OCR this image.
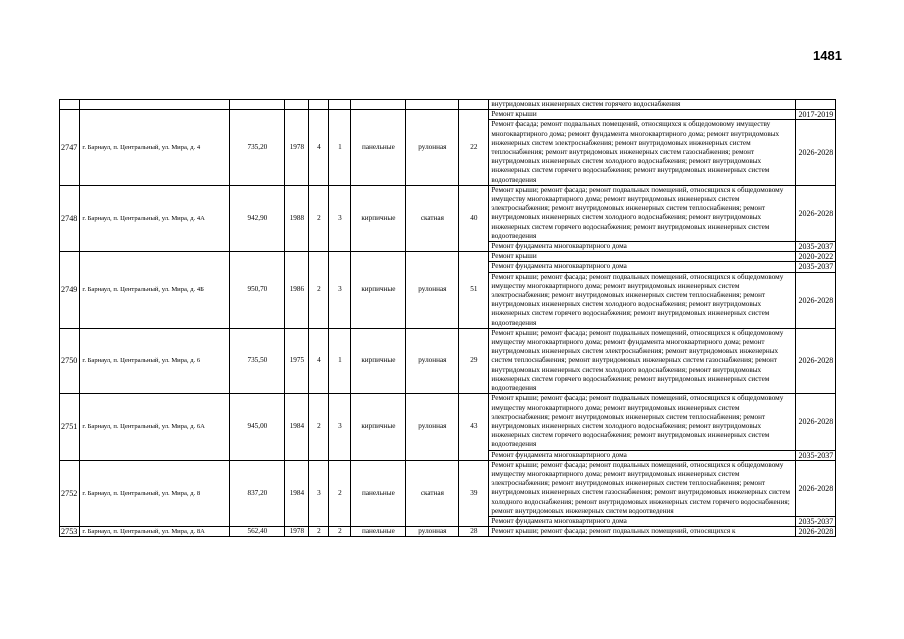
1481
									внутридомовых инженерных систем горячего водоснабжения	
2747	г. Барнаул, п. Центральный, ул. Мира, д. 4	735,20	1978	4	1	панельные	рулонная	22	Ремонт крыши	2017-2019
									Ремонт фасада; ремонт подвальных помещений, относящихся к общедомовому имуществу многоквартирного дома; ремонт фундамента многоквартирного дома; ремонт внутридомовых инженерных систем электроснабжения; ремонт внутридомовых инженерных систем теплоснабжения; ремонт внутридомовых инженерных систем газоснабжения; ремонт внутридомовых инженерных систем холодного водоснабжения; ремонт внутридомовых инженерных систем горячего водоснабжения; ремонт внутридомовых инженерных систем водоотведения	2026-2028
2748	г. Барнаул, п. Центральный, ул. Мира, д. 4А	942,90	1988	2	3	кирпичные	скатная	40	Ремонт крыши; ремонт фасада; ремонт подвальных помещений, относящихся к общедомовому имуществу многоквартирного дома; ремонт внутридомовых инженерных систем электроснабжения; ремонт внутридомовых инженерных систем теплоснабжения; ремонт внутридомовых инженерных систем холодного водоснабжения; ремонт внутридомовых инженерных систем горячего водоснабжения; ремонт внутридомовых инженерных систем водоотведения	2026-2028
									Ремонт фундамента многоквартирного дома	2035-2037
2749	г. Барнаул, п. Центральный, ул. Мира, д. 4Б	950,70	1986	2	3	кирпичные	рулонная	51	Ремонт крыши	2020-2022
									Ремонт фундамента многоквартирного дома	2035-2037
									Ремонт крыши; ремонт фасада; ремонт подвальных помещений, относящихся к общедомовому имуществу многоквартирного дома; ремонт внутридомовых инженерных систем электроснабжения; ремонт внутридомовых инженерных систем теплоснабжения; ремонт внутридомовых инженерных систем холодного водоснабжения; ремонт внутридомовых инженерных систем горячего водоснабжения; ремонт внутридомовых инженерных систем водоотведения	2026-2028
2750	г. Барнаул, п. Центральный, ул. Мира, д. 6	735,50	1975	4	1	кирпичные	рулонная	29	Ремонт крыши; ремонт фасада; ремонт подвальных помещений, относящихся к общедомовому имуществу многоквартирного дома; ремонт фундамента многоквартирного дома; ремонт внутридомовых инженерных систем электроснабжения; ремонт внутридомовых инженерных систем теплоснабжения; ремонт внутридомовых инженерных систем газоснабжения; ремонт внутридомовых инженерных систем холодного водоснабжения; ремонт внутридомовых инженерных систем горячего водоснабжения; ремонт внутридомовых инженерных систем водоотведения	2026-2028
2751	г. Барнаул, п. Центральный, ул. Мира, д. 6А	945,00	1984	2	3	кирпичные	рулонная	43	Ремонт крыши; ремонт фасада; ремонт подвальных помещений, относящихся к общедомовому имуществу многоквартирного дома; ремонт внутридомовых инженерных систем электроснабжения; ремонт внутридомовых инженерных систем теплоснабжения; ремонт внутридомовых инженерных систем холодного водоснабжения; ремонт внутридомовых инженерных систем горячего водоснабжения; ремонт внутридомовых инженерных систем водоотведения	2026-2028
									Ремонт фундамента многоквартирного дома	2035-2037
2752	г. Барнаул, п. Центральный, ул. Мира, д. 8	837,20	1984	3	2	панельные	скатная	39	Ремонт крыши; ремонт фасада; ремонт подвальных помещений, относящихся к общедомовому имуществу многоквартирного дома; ремонт внутридомовых инженерных систем электроснабжения; ремонт внутридомовых инженерных систем теплоснабжения; ремонт внутридомовых инженерных систем газоснабжения; ремонт внутридомовых инженерных систем холодного водоснабжения; ремонт внутридомовых инженерных систем горячего водоснабжения; ремонт внутридомовых инженерных систем водоотведения	2026-2028
									Ремонт фундамента многоквартирного дома	2035-2037
2753	г. Барнаул, п. Центральный, ул. Мира, д. 8А	562,40	1978	2	2	панельные	рулонная	28	Ремонт крыши; ремонт фасада; ремонт подвальных помещений, относящихся к	2026-2028
